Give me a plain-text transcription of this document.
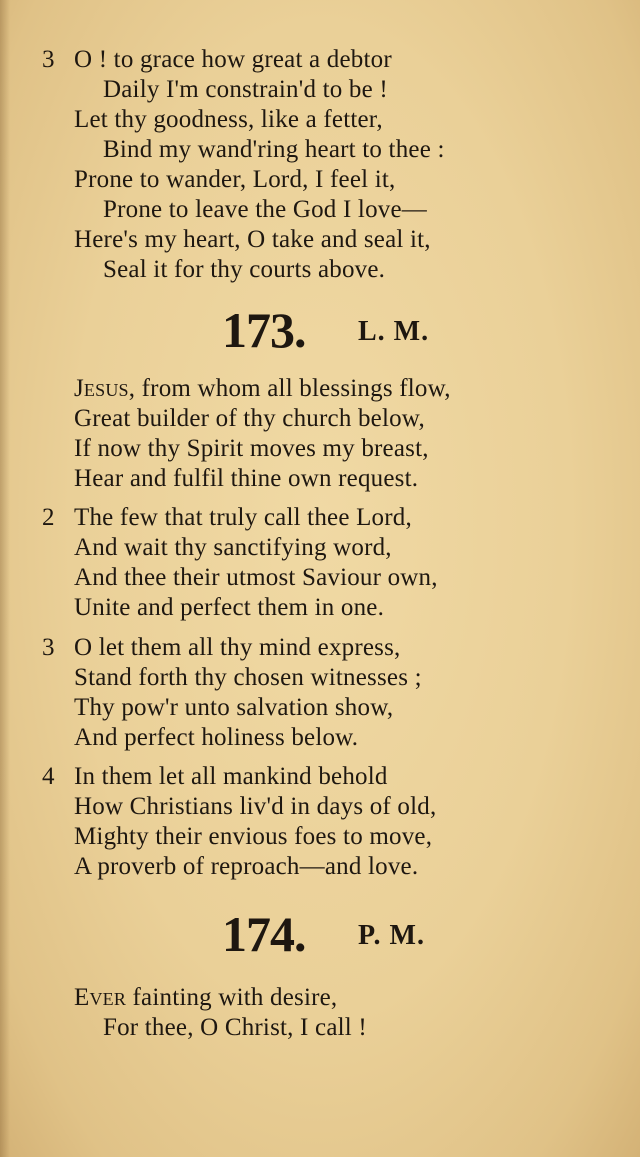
3 O ! to grace how great a debtor
Daily I'm constrain'd to be !
Let thy goodness, like a fetter,
Bind my wand'ring heart to thee :
Prone to wander, Lord, I feel it,
Prone to leave the God I love—
Here's my heart, O take and seal it,
Seal it for thy courts above.
173. L. M.
Jesus, from whom all blessings flow,
Great builder of thy church below,
If now thy Spirit moves my breast,
Hear and fulfil thine own request.
2 The few that truly call thee Lord,
And wait thy sanctifying word,
And thee their utmost Saviour own,
Unite and perfect them in one.
3 O let them all thy mind express,
Stand forth thy chosen witnesses ;
Thy pow'r unto salvation show,
And perfect holiness below.
4 In them let all mankind behold
How Christians liv'd in days of old,
Mighty their envious foes to move,
A proverb of reproach—and love.
174. P. M.
Ever fainting with desire,
For thee, O Christ, I call !
